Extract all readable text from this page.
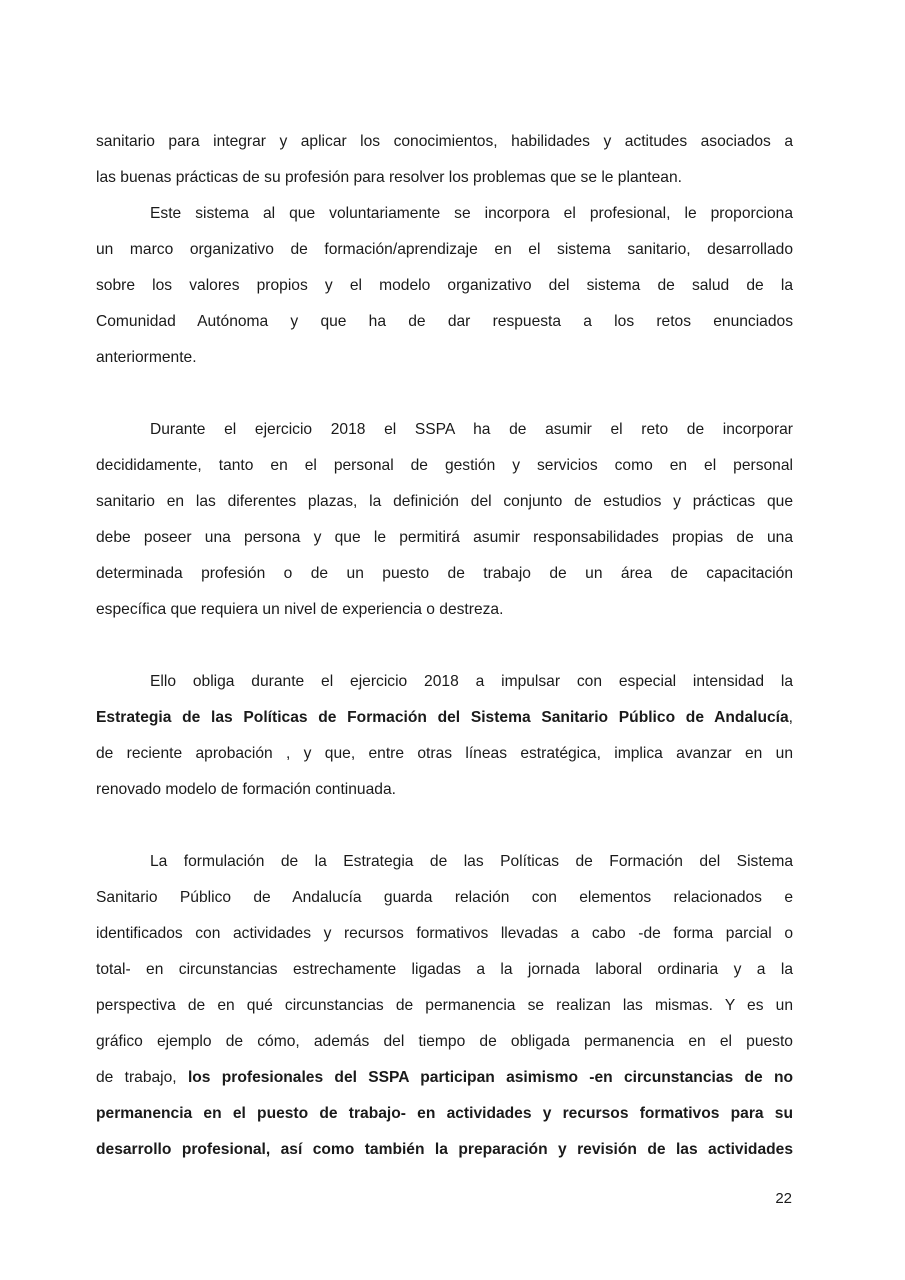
sanitario para integrar y aplicar los conocimientos, habilidades y actitudes asociados a
las buenas prácticas de su profesión para resolver los problemas que se le plantean.
Este sistema al que voluntariamente se incorpora el profesional, le proporciona
un marco organizativo de formación/aprendizaje en el sistema sanitario, desarrollado
sobre los valores propios y el modelo organizativo del sistema de salud de la
Comunidad Autónoma y que ha de dar respuesta a los retos enunciados
anteriormente.
Durante el ejercicio 2018 el SSPA ha de asumir el reto de incorporar
decididamente, tanto en el personal de gestión y servicios como en el personal
sanitario en las diferentes plazas, la definición del conjunto de estudios y prácticas que
debe poseer una persona y que le permitirá asumir responsabilidades propias de una
determinada profesión o de un puesto de trabajo de un área de capacitación
específica que requiera un nivel de experiencia o destreza.
Ello obliga durante el ejercicio 2018 a impulsar con especial intensidad la
Estrategia de las Políticas de Formación del Sistema Sanitario Público de Andalucía,
de reciente aprobación , y que, entre otras líneas estratégica, implica avanzar en un
renovado modelo de formación continuada.
La formulación de la Estrategia de las Políticas de Formación del Sistema
Sanitario Público de Andalucía guarda relación con elementos relacionados e
identificados con actividades y recursos formativos llevadas a cabo -de forma parcial o
total- en circunstancias estrechamente ligadas a la jornada laboral ordinaria y a la
perspectiva de en qué circunstancias de permanencia se realizan las mismas. Y es un
gráfico ejemplo de cómo, además del tiempo de obligada permanencia en el puesto
de trabajo, los profesionales del SSPA participan asimismo -en circunstancias de no
permanencia en el puesto de trabajo- en actividades y recursos formativos para su
desarrollo profesional, así como también la preparación y revisión de las actividades
22
